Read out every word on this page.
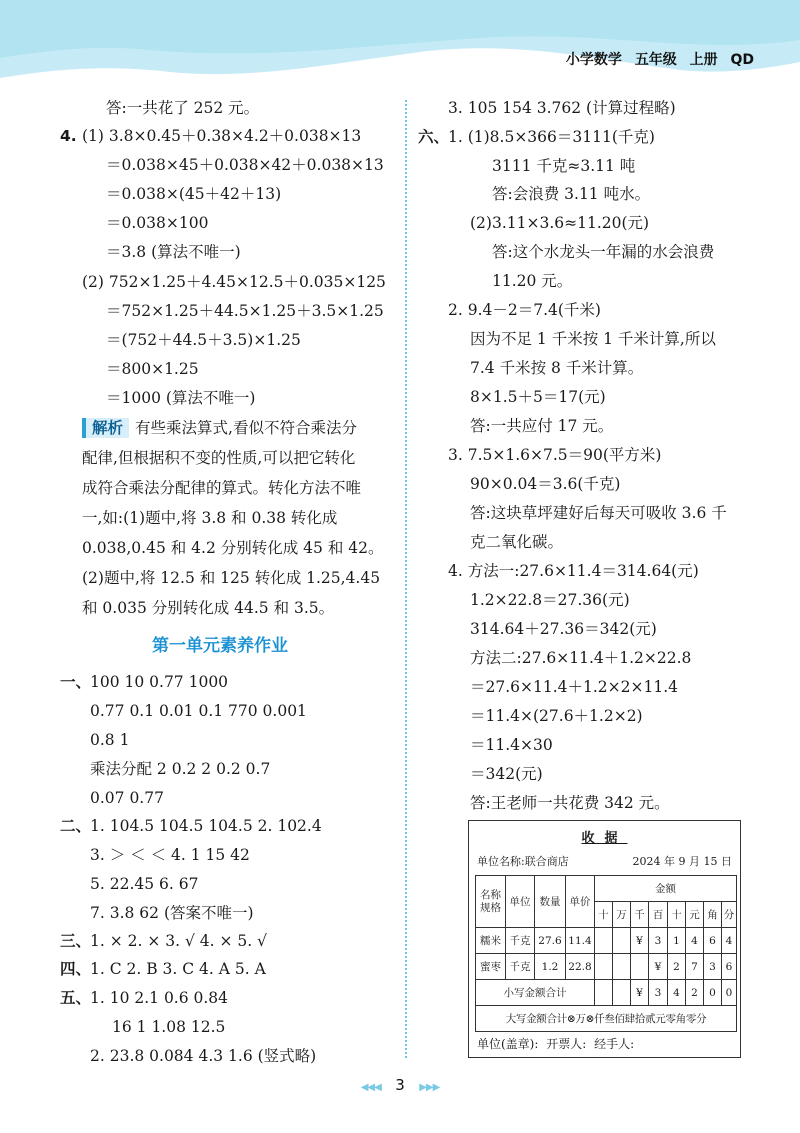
小学数学 五年级 上册 QD
答:一共花了 252 元。
4. (1) 3.8×0.45＋0.38×4.2＋0.038×13
＝0.038×45＋0.038×42＋0.038×13
＝0.038×(45＋42＋13)
＝0.038×100
＝3.8 (算法不唯一)
(2) 752×1.25＋4.45×12.5＋0.035×125
＝752×1.25＋44.5×1.25＋3.5×1.25
＝(752＋44.5＋3.5)×1.25
＝800×1.25
＝1000 (算法不唯一)
解析 有些乘法算式,看似不符合乘法分
配律,但根据积不变的性质,可以把它转化
成符合乘法分配律的算式。转化方法不唯
一,如:(1)题中,将 3.8 和 0.38 转化成
0.038,0.45 和 4.2 分别转化成 45 和 42。
(2)题中,将 12.5 和 125 转化成 1.25,4.45
和 0.035 分别转化成 44.5 和 3.5。
第一单元素养作业
一、
100 10 0.77 1000
0.77 0.1 0.01 0.1 770 0.001
0.8 1
乘法分配 2 0.2 2 0.2 0.7
0.07 0.77
二、
1. 104.5 104.5 104.5 2. 102.4
3. ＞ ＜ ＜ 4. 1 15 42
5. 22.45 6. 67
7. 3.8 62 (答案不唯一)
三、
1. × 2. × 3. √ 4. × 5. √
四、
1. C 2. B 3. C 4. A 5. A
五、
1. 10 2.1 0.6 0.84
16 1 1.08 12.5
2. 23.8 0.084 4.3 1.6 (竖式略)
3. 105 154 3.762 (计算过程略)
六、
1. (1)8.5×366＝3111(千克)
3111 千克≈3.11 吨
答:会浪费 3.11 吨水。
(2)3.11×3.6≈11.20(元)
答:这个水龙头一年漏的水会浪费
11.20 元。
2. 9.4－2＝7.4(千米)
因为不足 1 千米按 1 千米计算,所以
7.4 千米按 8 千米计算。
8×1.5＋5＝17(元)
答:一共应付 17 元。
3. 7.5×1.6×7.5＝90(平方米)
90×0.04＝3.6(千克)
答:这块草坪建好后每天可吸收 3.6 千
克二氧化碳。
4. 方法一:27.6×11.4＝314.64(元)
1.2×22.8＝27.36(元)
314.64＋27.36＝342(元)
方法二:27.6×11.4＋1.2×22.8
＝27.6×11.4＋1.2×2×11.4
＝11.4×(27.6＋1.2×2)
＝11.4×30
＝342(元)
答:王老师一共花费 342 元。
收据
单位名称:联合商店	2024 年 9 月 15 日
名称规格	单位	数量	单价	金额							
				十	万	千	百	十	元	角	分
糯米	千克	27.6	11.4			¥	3	1	4	6	4
蜜枣	千克	1.2	22.8				¥	2	7	3	6
小写金额合计						¥	3	4	2	0	0
大写金额合计⊗万⊗仟叁佰肆拾贰元零角零分											
单位(盖章): 开票人: 经手人:
◀◀◀ 3 ▶▶▶
